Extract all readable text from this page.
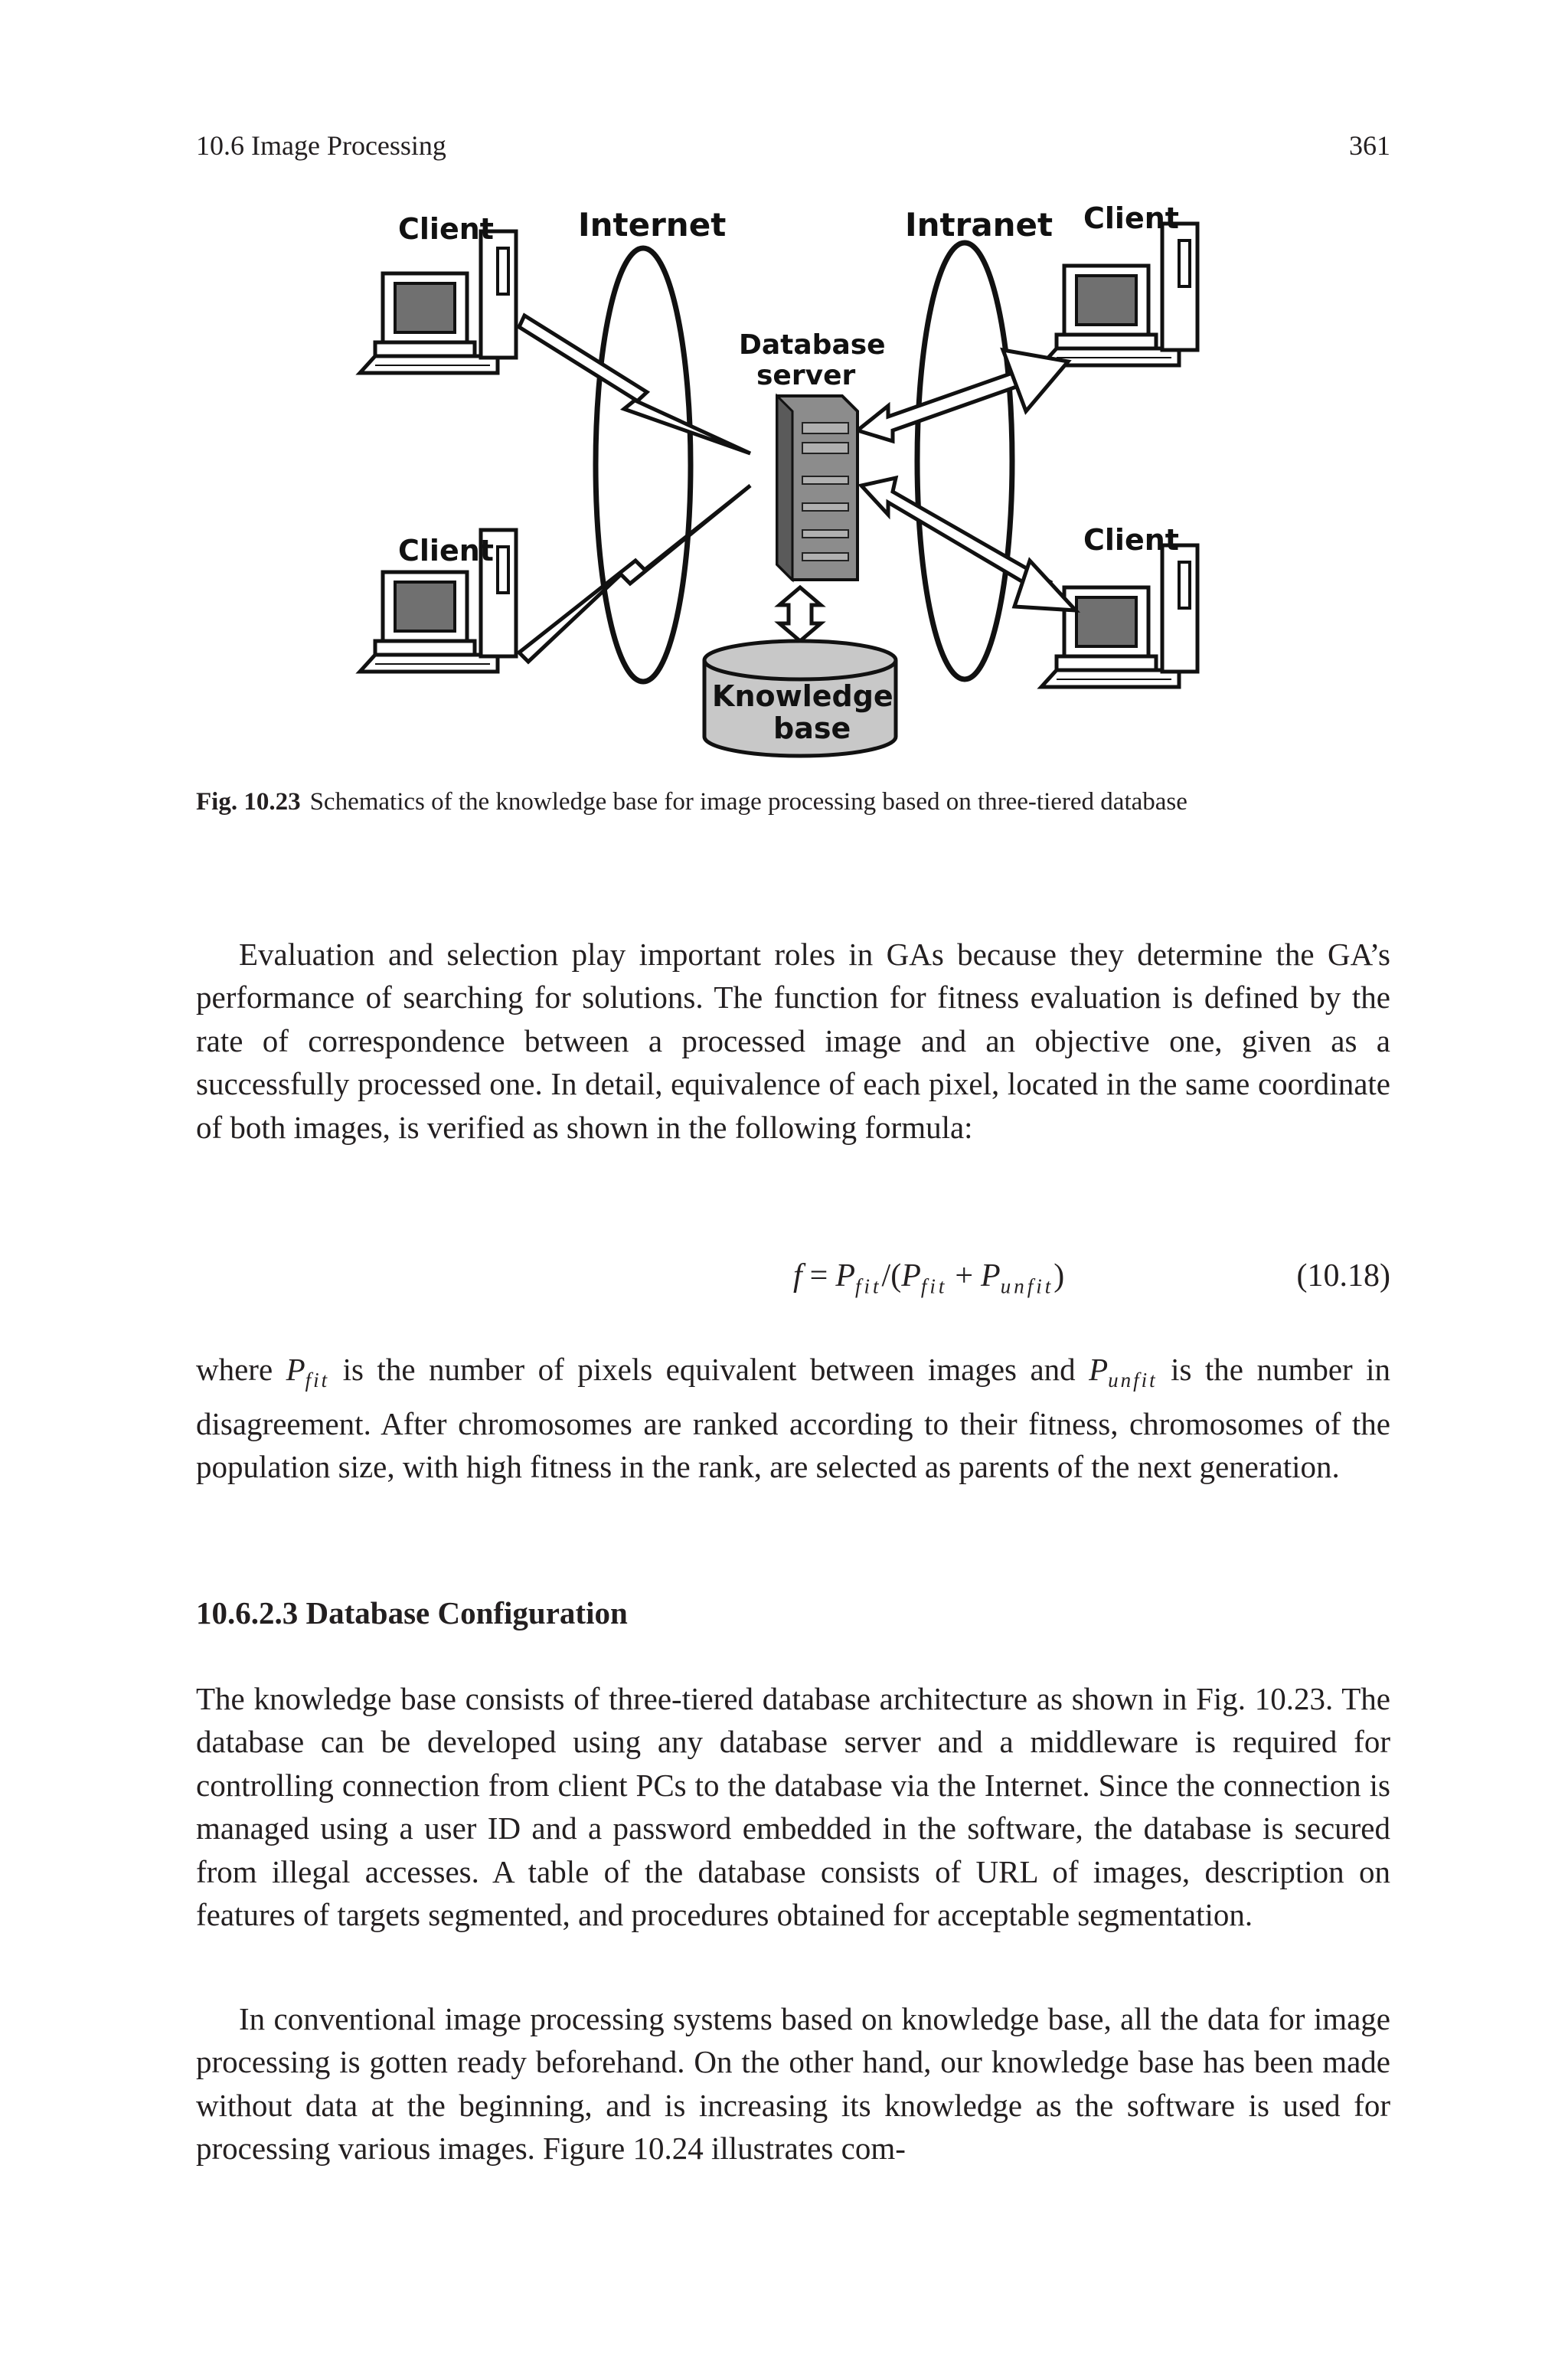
10.6 Image Processing	361
Client
Client
Client
Client
Internet	Intranet
Database
server
Knowledge
base
Fig. 10.23 Schematics of the knowledge base for image processing based on three-tiered database

Evaluation and selection play important roles in GAs because they determine the GA’s performance of searching for solutions. The function for fitness evaluation is defined by the rate of correspondence between a processed image and an objective one, given as a successfully processed one. In detail, equivalence of each pixel, located in the same coordinate of both images, is verified as shown in the following formula:

$f = P_{fit}/(P_{fit} + P_{unfit})$	(10.18)

where $P_{fit}$ is the number of pixels equivalent between images and $P_{unfit}$ is the number in disagreement. After chromosomes are ranked according to their fitness, chromosomes of the population size, with high fitness in the rank, are selected as parents of the next generation.

10.6.2.3 Database Configuration

The knowledge base consists of three-tiered database architecture as shown in Fig. 10.23. The database can be developed using any database server and a middleware is required for controlling connection from client PCs to the database via the Internet. Since the connection is managed using a user ID and a password embedded in the software, the database is secured from illegal accesses. A table of the database consists of URL of images, description on features of targets segmented, and procedures obtained for acceptable segmentation.

In conventional image processing systems based on knowledge base, all the data for image processing is gotten ready beforehand. On the other hand, our knowledge base has been made without data at the beginning, and is increasing its knowledge as the software is used for processing various images. Figure 10.24 illustrates com-
